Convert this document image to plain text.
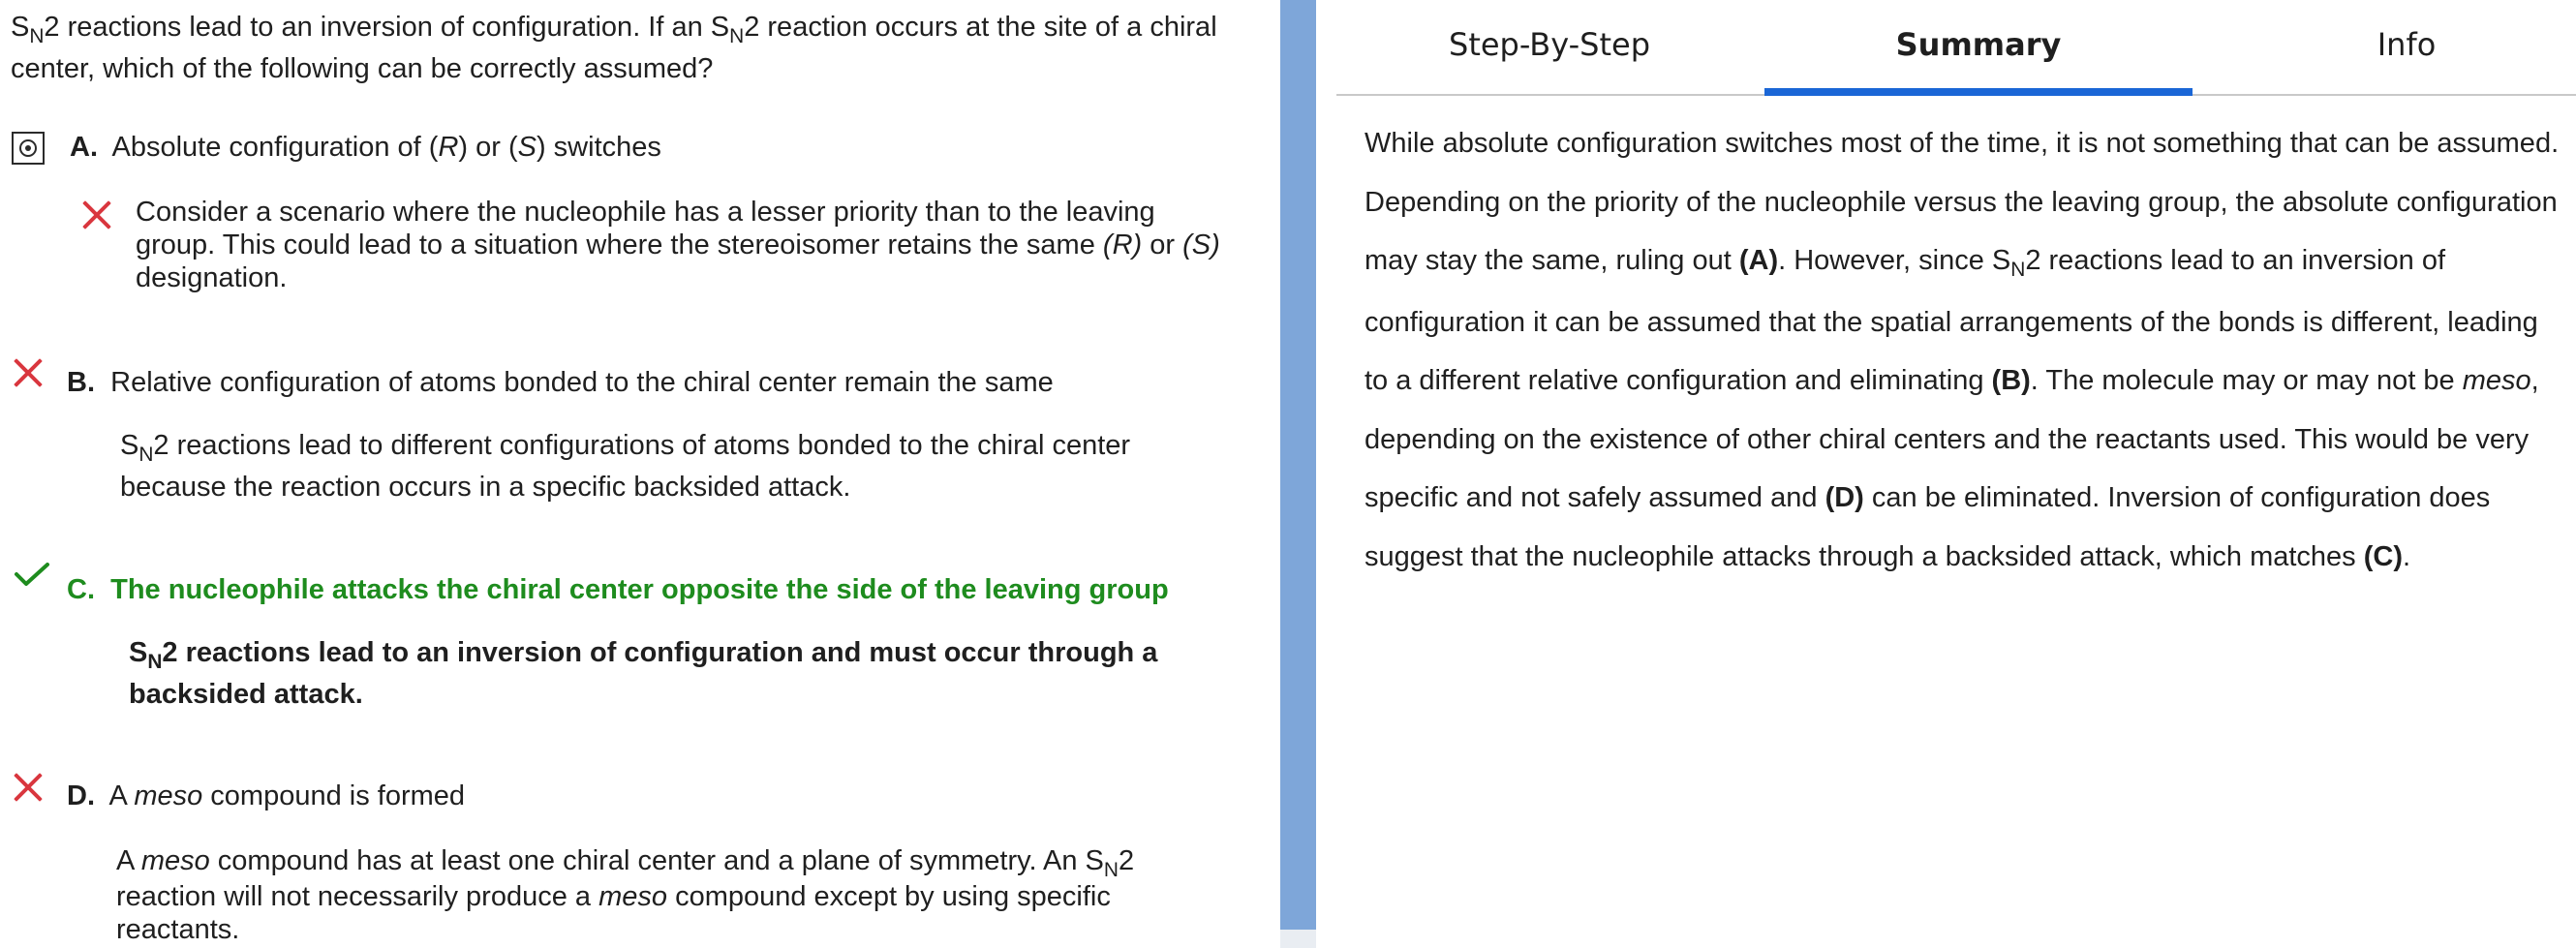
$S_N2$ reactions lead to an inversion of configuration. If an $S_N2$ reaction occurs at the site of a chiral center, which of the following can be correctly assumed?

A. Absolute configuration of (R) or (S) switches

Consider a scenario where the nucleophile has a lesser priority than to the leaving group. This could lead to a situation where the stereoisomer retains the same (R) or (S) designation.

B. Relative configuration of atoms bonded to the chiral center remain the same

$S_N2$ reactions lead to different configurations of atoms bonded to the chiral center because the reaction occurs in a specific backsided attack.

C. The nucleophile attacks the chiral center opposite the side of the leaving group

$S_N2$ reactions lead to an inversion of configuration and must occur through a backsided attack.

D. A meso compound is formed

A meso compound has at least one chiral center and a plane of symmetry. An $S_N2$ reaction will not necessarily produce a meso compound except by using specific reactants.

Step-By-Step	Summary	Info

While absolute configuration switches most of the time, it is not something that can be assumed. Depending on the priority of the nucleophile versus the leaving group, the absolute configuration may stay the same, ruling out (A). However, since $S_N2$ reactions lead to an inversion of configuration it can be assumed that the spatial arrangements of the bonds is different, leading to a different relative configuration and eliminating (B). The molecule may or may not be meso, depending on the existence of other chiral centers and the reactants used. This would be very specific and not safely assumed and (D) can be eliminated. Inversion of configuration does suggest that the nucleophile attacks through a backsided attack, which matches (C).
